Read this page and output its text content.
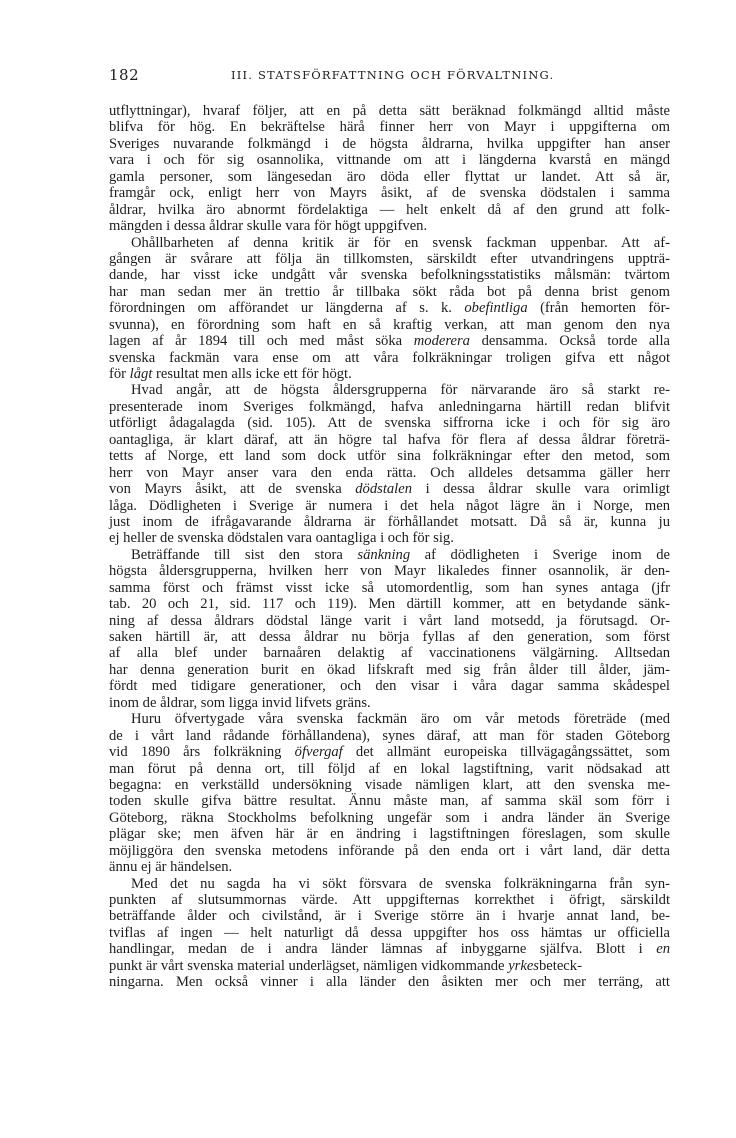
182	III. STATSFÖRFATTNING OCH FÖRVALTNING.
utflyttningar), hvaraf följer, att en på detta sätt beräknad folkmängd alltid måste
blifva för hög. En bekräftelse härå finner herr von Mayr i uppgifterna om
Sveriges nuvarande folkmängd i de högsta åldrarna, hvilka uppgifter han anser
vara i och för sig osannolika, vittnande om att i längderna kvarstå en mängd
gamla personer, som längesedan äro döda eller flyttat ur landet. Att så är,
framgår ock, enligt herr von Mayrs åsikt, af de svenska dödstalen i samma
åldrar, hvilka äro abnormt fördelaktiga — helt enkelt då af den grund att folk-
mängden i dessa åldrar skulle vara för högt uppgifven.
Ohållbarheten af denna kritik är för en svensk fackman uppenbar. Att af-
gången är svårare att följa än tillkomsten, särskildt efter utvandringens uppträ-
dande, har visst icke undgått vår svenska befolkningsstatistiks målsmän: tvärtom
har man sedan mer än trettio år tillbaka sökt råda bot på denna brist genom
förordningen om afförandet ur längderna af s. k. obefintliga (från hemorten för-
svunna), en förordning som haft en så kraftig verkan, att man genom den nya
lagen af år 1894 till och med måst söka moderera densamma. Också torde alla
svenska fackmän vara ense om att våra folkräkningar troligen gifva ett något
för lågt resultat men alls icke ett för högt.
Hvad angår, att de högsta åldersgrupperna för närvarande äro så starkt re-
presenterade inom Sveriges folkmängd, hafva anledningarna härtill redan blifvit
utförligt ådagalagda (sid. 105). Att de svenska siffrorna icke i och för sig äro
oantagliga, är klart däraf, att än högre tal hafva för flera af dessa åldrar företrä-
tetts af Norge, ett land som dock utför sina folkräkningar efter den metod, som
herr von Mayr anser vara den enda rätta. Och alldeles detsamma gäller herr
von Mayrs åsikt, att de svenska dödstalen i dessa åldrar skulle vara orimligt
låga. Dödligheten i Sverige är numera i det hela något lägre än i Norge, men
just inom de ifrågavarande åldrarna är förhållandet motsatt. Då så är, kunna ju
ej heller de svenska dödstalen vara oantagliga i och för sig.
Beträffande till sist den stora sänkning af dödligheten i Sverige inom de
högsta åldersgrupperna, hvilken herr von Mayr likaledes finner osannolik, är den-
samma först och främst visst icke så utomordentlig, som han synes antaga (jfr
tab. 20 och 21, sid. 117 och 119). Men därtill kommer, att en betydande sänk-
ning af dessa åldrars dödstal länge varit i vårt land motsedd, ja förutsagd. Or-
saken härtill är, att dessa åldrar nu börja fyllas af den generation, som först
af alla blef under barnaåren delaktig af vaccinationens välgärning. Alltsedan
har denna generation burit en ökad lifskraft med sig från ålder till ålder, jäm-
fördt med tidigare generationer, och den visar i våra dagar samma skådespel
inom de åldrar, som ligga invid lifvets gräns.
Huru öfvertygade våra svenska fackmän äro om vår metods företräde (med
de i vårt land rådande förhållandena), synes däraf, att man för staden Göteborg
vid 1890 års folkräkning öfvergaf det allmänt europeiska tillvägagångssättet, som
man förut på denna ort, till följd af en lokal lagstiftning, varit nödsakad att
begagna: en verkställd undersökning visade nämligen klart, att den svenska me-
toden skulle gifva bättre resultat. Ännu måste man, af samma skäl som förr i
Göteborg, räkna Stockholms befolkning ungefär som i andra länder än Sverige
plägar ske; men äfven här är en ändring i lagstiftningen föreslagen, som skulle
möjliggöra den svenska metodens införande på den enda ort i vårt land, där detta
ännu ej är händelsen.
Med det nu sagda ha vi sökt försvara de svenska folkräkningarna från syn-
punkten af slutsummornas värde. Att uppgifternas korrekthet i öfrigt, särskildt
beträffande ålder och civilstånd, är i Sverige större än i hvarje annat land, be-
tviflas af ingen — helt naturligt då dessa uppgifter hos oss hämtas ur officiella
handlingar, medan de i andra länder lämnas af inbyggarne själfva. Blott i en
punkt är vårt svenska material underlägset, nämligen vidkommande yrkesbeteck-
ningarna. Men också vinner i alla länder den åsikten mer och mer terräng, att
